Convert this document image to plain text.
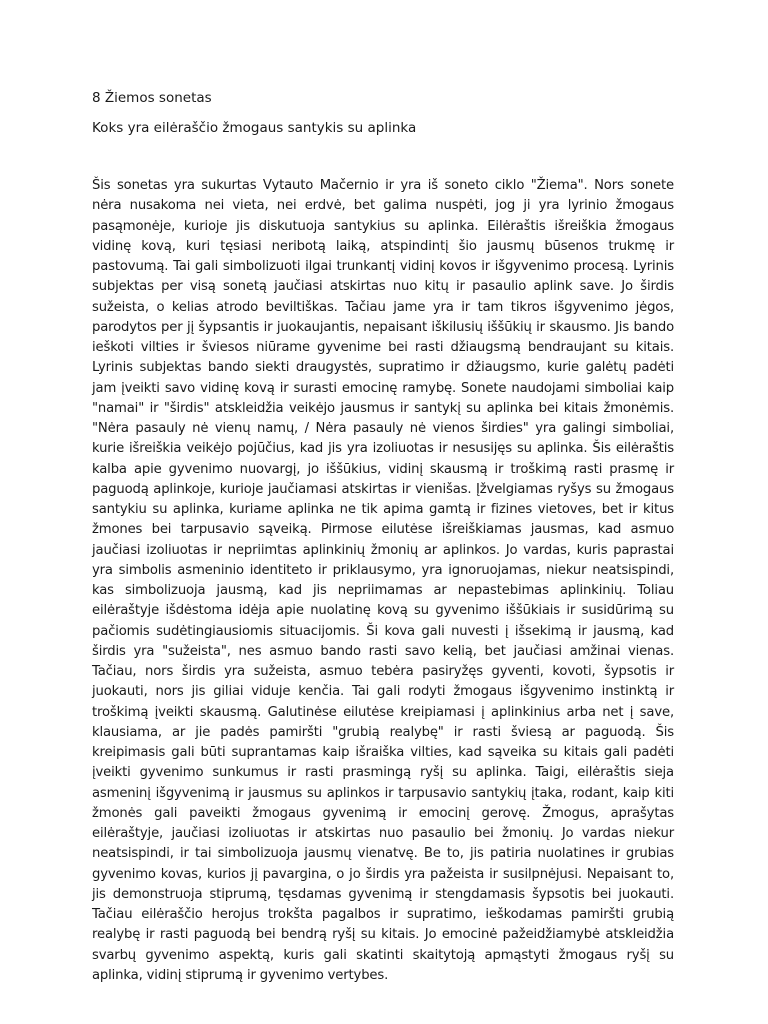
8 Žiemos sonetas

Koks yra eilėraščio žmogaus santykis su aplinka

Šis sonetas yra sukurtas Vytauto Mačernio ir yra iš soneto ciklo "Žiema". Nors sonete nėra nusakoma nei vieta, nei erdvė, bet galima nuspėti, jog ji yra lyrinio žmogaus pasąmonėje, kurioje jis diskutuoja santykius su aplinka. Eilėraštis išreiškia žmogaus vidinę kovą, kuri tęsiasi neribotą laiką, atspindintį šio jausmų būsenos trukmę ir pastovumą. Tai gali simbolizuoti ilgai trunkantį vidinį kovos ir išgyvenimo procesą. Lyrinis subjektas per visą sonetą jaučiasi atskirtas nuo kitų ir pasaulio aplink save. Jo širdis sužeista, o kelias atrodo beviltiškas. Tačiau jame yra ir tam tikros išgyvenimo jėgos, parodytos per jį šypsantis ir juokaujantis, nepaisant iškilusių iššūkių ir skausmo. Jis bando ieškoti vilties ir šviesos niūrame gyvenime bei rasti džiaugsmą bendraujant su kitais. Lyrinis subjektas bando siekti draugystės, supratimo ir džiaugsmo, kurie galėtų padėti jam įveikti savo vidinę kovą ir surasti emocinę ramybę. Sonete naudojami simboliai kaip "namai" ir "širdis" atskleidžia veikėjo jausmus ir santykį su aplinka bei kitais žmonėmis. "Nėra pasauly nė vienų namų, / Nėra pasauly nė vienos širdies" yra galingi simboliai, kurie išreiškia veikėjo pojūčius, kad jis yra izoliuotas ir nesusijęs su aplinka. Šis eilėraštis kalba apie gyvenimo nuovargį, jo iššūkius, vidinį skausmą ir troškimą rasti prasmę ir paguodą aplinkoje, kurioje jaučiamasi atskirtas ir vienišas. Įžvelgiamas ryšys su žmogaus santykiu su aplinka, kuriame aplinka ne tik apima gamtą ir fizines vietoves, bet ir kitus žmones bei tarpusavio sąveiką. Pirmose eilutėse išreiškiamas jausmas, kad asmuo jaučiasi izoliuotas ir nepriimtas aplinkinių žmonių ar aplinkos. Jo vardas, kuris paprastai yra simbolis asmeninio identiteto ir priklausymo, yra ignoruojamas, niekur neatsispindi, kas simbolizuoja jausmą, kad jis nepriimamas ar nepastebimas aplinkinių. Toliau eilėraštyje išdėstoma idėja apie nuolatinę kovą su gyvenimo iššūkiais ir susidūrimą su pačiomis sudėtingiausiomis situacijomis. Ši kova gali nuvesti į išsekimą ir jausmą, kad širdis yra "sužeista", nes asmuo bando rasti savo kelią, bet jaučiasi amžinai vienas. Tačiau, nors širdis yra sužeista, asmuo tebėra pasiryžęs gyventi, kovoti, šypsotis ir juokauti, nors jis giliai viduje kenčia. Tai gali rodyti žmogaus išgyvenimo instinktą ir troškimą įveikti skausmą. Galutinėse eilutėse kreipiamasi į aplinkinius arba net į save, klausiama, ar jie padės pamiršti "grubią realybę" ir rasti šviesą ar paguodą. Šis kreipimasis gali būti suprantamas kaip išraiška vilties, kad sąveika su kitais gali padėti įveikti gyvenimo sunkumus ir rasti prasmingą ryšį su aplinka. Taigi, eilėraštis sieja asmeninį išgyvenimą ir jausmus su aplinkos ir tarpusavio santykių įtaka, rodant, kaip kiti žmonės gali paveikti žmogaus gyvenimą ir emocinį gerovę. Žmogus, aprašytas eilėraštyje, jaučiasi izoliuotas ir atskirtas nuo pasaulio bei žmonių. Jo vardas niekur neatsispindi, ir tai simbolizuoja jausmų vienatvę. Be to, jis patiria nuolatines ir grubias gyvenimo kovas, kurios jį pavargina, o jo širdis yra pažeista ir susilpnėjusi. Nepaisant to, jis demonstruoja stiprumą, tęsdamas gyvenimą ir stengdamasis šypsotis bei juokauti. Tačiau eilėraščio herojus trokšta pagalbos ir supratimo, ieškodamas pamiršti grubią realybę ir rasti paguodą bei bendrą ryšį su kitais. Jo emocinė pažeidžiamybė atskleidžia svarbų gyvenimo aspektą, kuris gali skatinti skaitytoją apmąstyti žmogaus ryšį su aplinka, vidinį stiprumą ir gyvenimo vertybes.
